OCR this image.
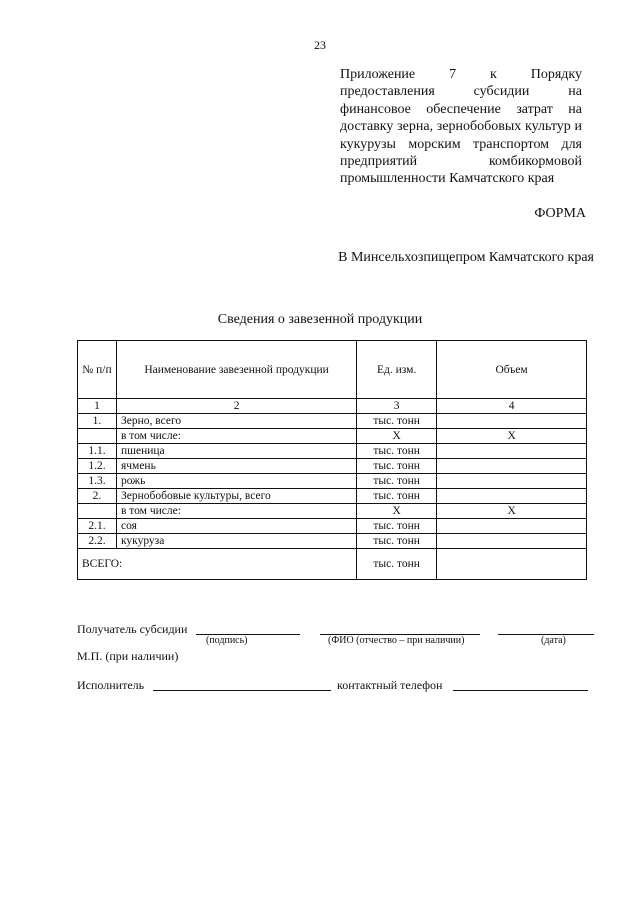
23
Приложение 7 к Порядку предоставления субсидии на финансовое обеспечение затрат на доставку зерна, зернобобовых культур и кукурузы морским транспортом для предприятий комбикормовой промышленности Камчатского края
ФОРМА
В Минсельхозпищепром Камчатского края
Сведения о завезенной продукции
№ п/п	Наименование завезенной продукции	Ед. изм.	Объем
1	2	3	4
1.	Зерно, всего	тыс. тонн	
	в том числе:	Х	Х
1.1.	пшеница	тыс. тонн	
1.2.	ячмень	тыс. тонн	
1.3.	рожь	тыс. тонн	
2.	Зернобобовые культуры, всего	тыс. тонн	
	в том числе:	Х	Х
2.1.	соя	тыс. тонн	
2.2.	кукуруза	тыс. тонн	
ВСЕГО:		тыс. тонн	
Получатель субсидии
(подпись)	(ФИО (отчество – при наличии)	(дата)
М.П. (при наличии)
Исполнитель	контактный телефон
